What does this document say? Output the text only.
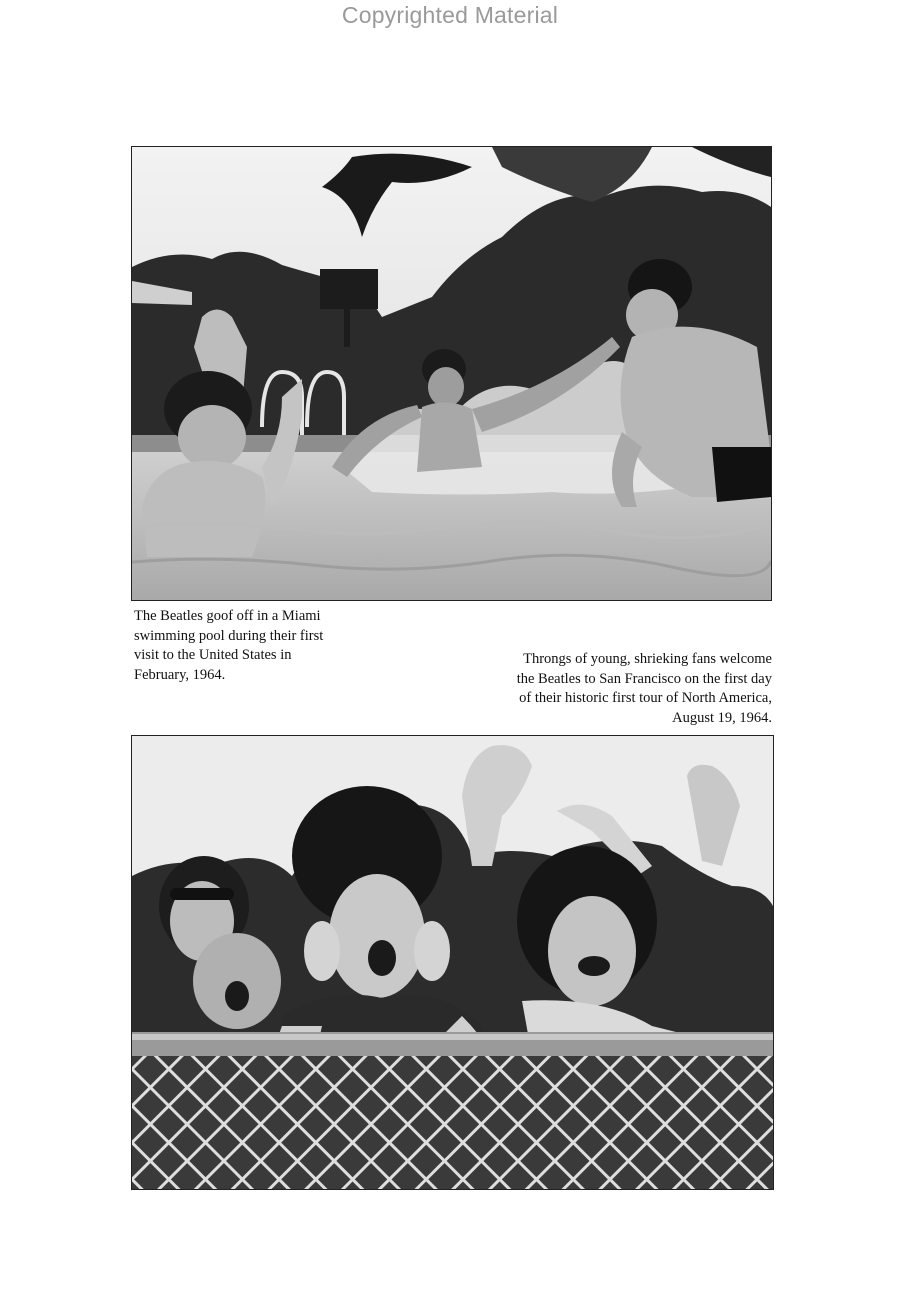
Copyrighted Material
The Beatles goof off in a Miami
swimming pool during their first
visit to the United States in
February, 1964.
Throngs of young, shrieking fans welcome
the Beatles to San Francisco on the first day
of their historic first tour of North America,
August 19, 1964.
